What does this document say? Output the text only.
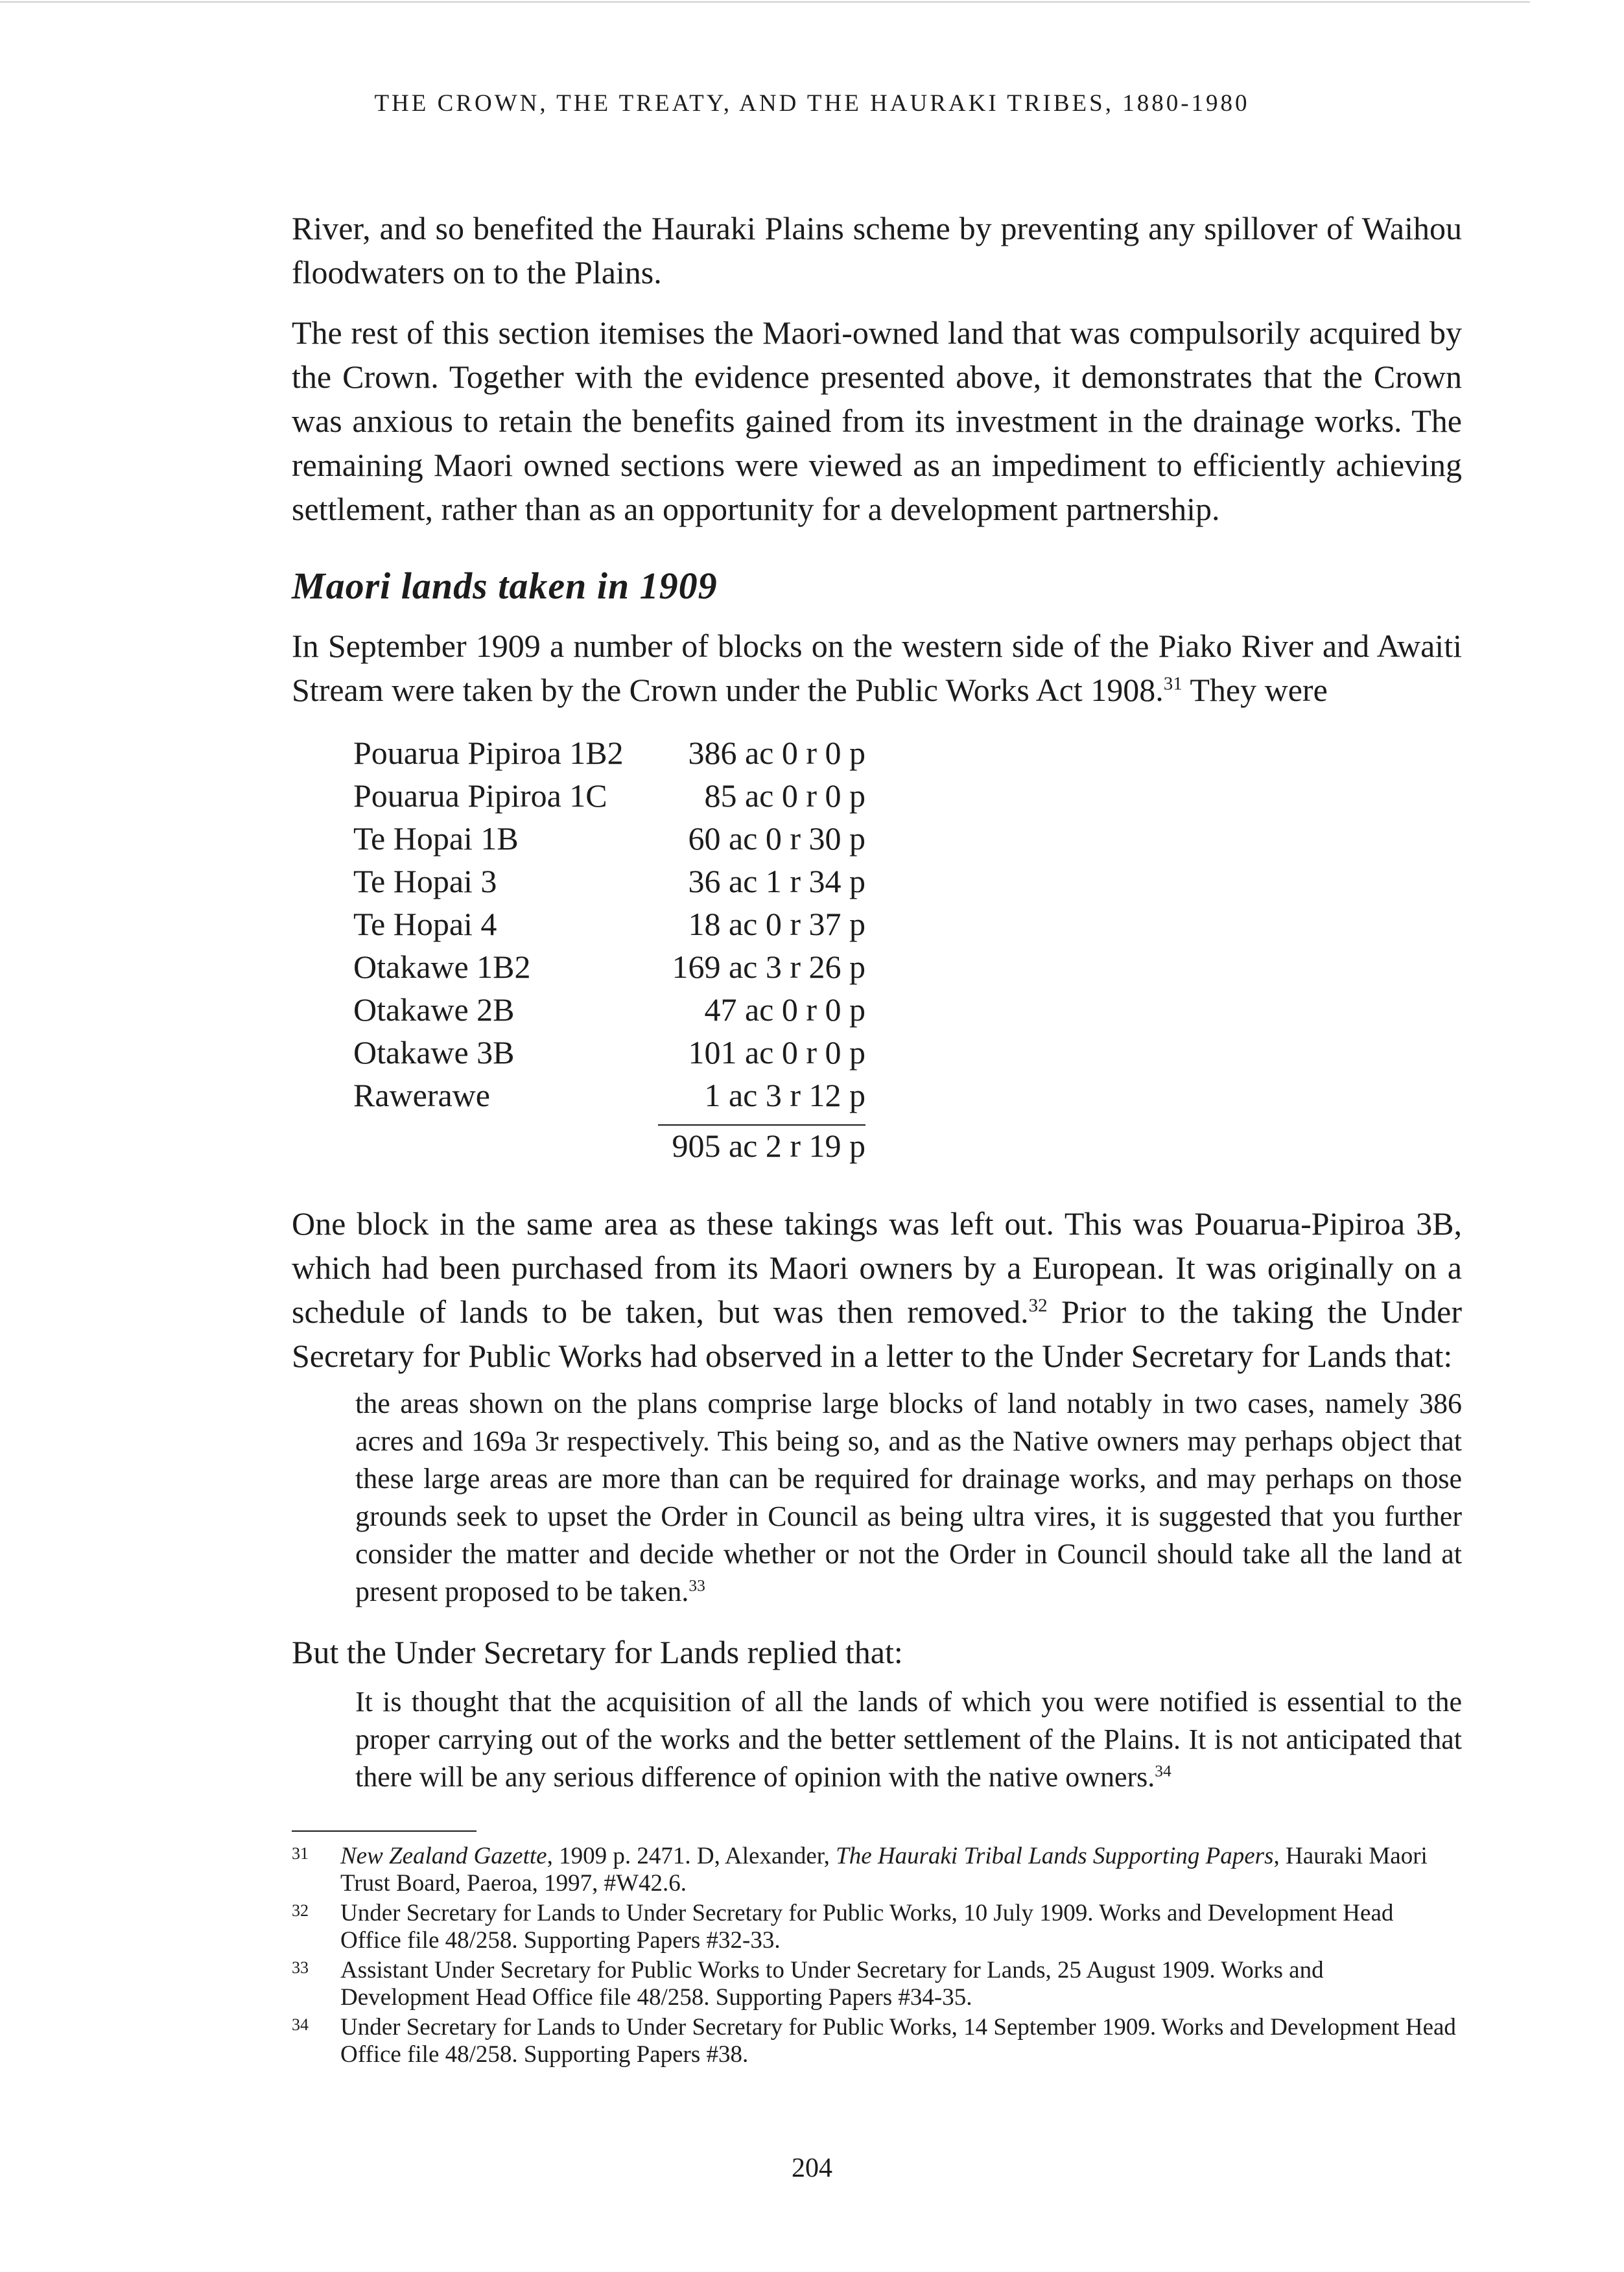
THE CROWN, THE TREATY, AND THE HAURAKI TRIBES, 1880-1980

River, and so benefited the Hauraki Plains scheme by preventing any spillover of Waihou floodwaters on to the Plains.

The rest of this section itemises the Maori-owned land that was compulsorily acquired by the Crown. Together with the evidence presented above, it demonstrates that the Crown was anxious to retain the benefits gained from its investment in the drainage works. The remaining Maori owned sections were viewed as an impediment to efficiently achieving settlement, rather than as an opportunity for a development partnership.

Maori lands taken in 1909

In September 1909 a number of blocks on the western side of the Piako River and Awaiti Stream were taken by the Crown under the Public Works Act 1908.31 They were

Pouarua Pipiroa 1B2	386 ac 0 r 0 p
Pouarua Pipiroa 1C	85 ac 0 r 0 p
Te Hopai 1B	60 ac 0 r 30 p
Te Hopai 3	36 ac 1 r 34 p
Te Hopai 4	18 ac 0 r 37 p
Otakawe 1B2	169 ac 3 r 26 p
Otakawe 2B	47 ac 0 r 0 p
Otakawe 3B	101 ac 0 r 0 p
Rawerawe	1 ac 3 r 12 p
905 ac 2 r 19 p

One block in the same area as these takings was left out. This was Pouarua-Pipiroa 3B, which had been purchased from its Maori owners by a European. It was originally on a schedule of lands to be taken, but was then removed.$^{32}$ Prior to the taking the Under Secretary for Public Works had observed in a letter to the Under Secretary for Lands that:

the areas shown on the plans comprise large blocks of land notably in two cases, namely 386 acres and 169a 3r respectively. This being so, and as the Native owners may perhaps object that these large areas are more than can be required for drainage works, and may perhaps on those grounds seek to upset the Order in Council as being ultra vires, it is suggested that you further consider the matter and decide whether or not the Order in Council should take all the land at present proposed to be taken.$^{33}$

But the Under Secretary for Lands replied that:

It is thought that the acquisition of all the lands of which you were notified is essential to the proper carrying out of the works and the better settlement of the Plains. It is not anticipated that there will be any serious difference of opinion with the native owners.$^{34}$

31	New Zealand Gazette, 1909 p. 2471. D, Alexander, The Hauraki Tribal Lands Supporting Papers, Hauraki Maori Trust Board, Paeroa, 1997, #W42.6.
32	Under Secretary for Lands to Under Secretary for Public Works, 10 July 1909. Works and Development Head Office file 48/258. Supporting Papers #32-33.
33	Assistant Under Secretary for Public Works to Under Secretary for Lands, 25 August 1909. Works and Development Head Office file 48/258. Supporting Papers #34-35.
34	Under Secretary for Lands to Under Secretary for Public Works, 14 September 1909. Works and Development Head Office file 48/258. Supporting Papers #38.
204
